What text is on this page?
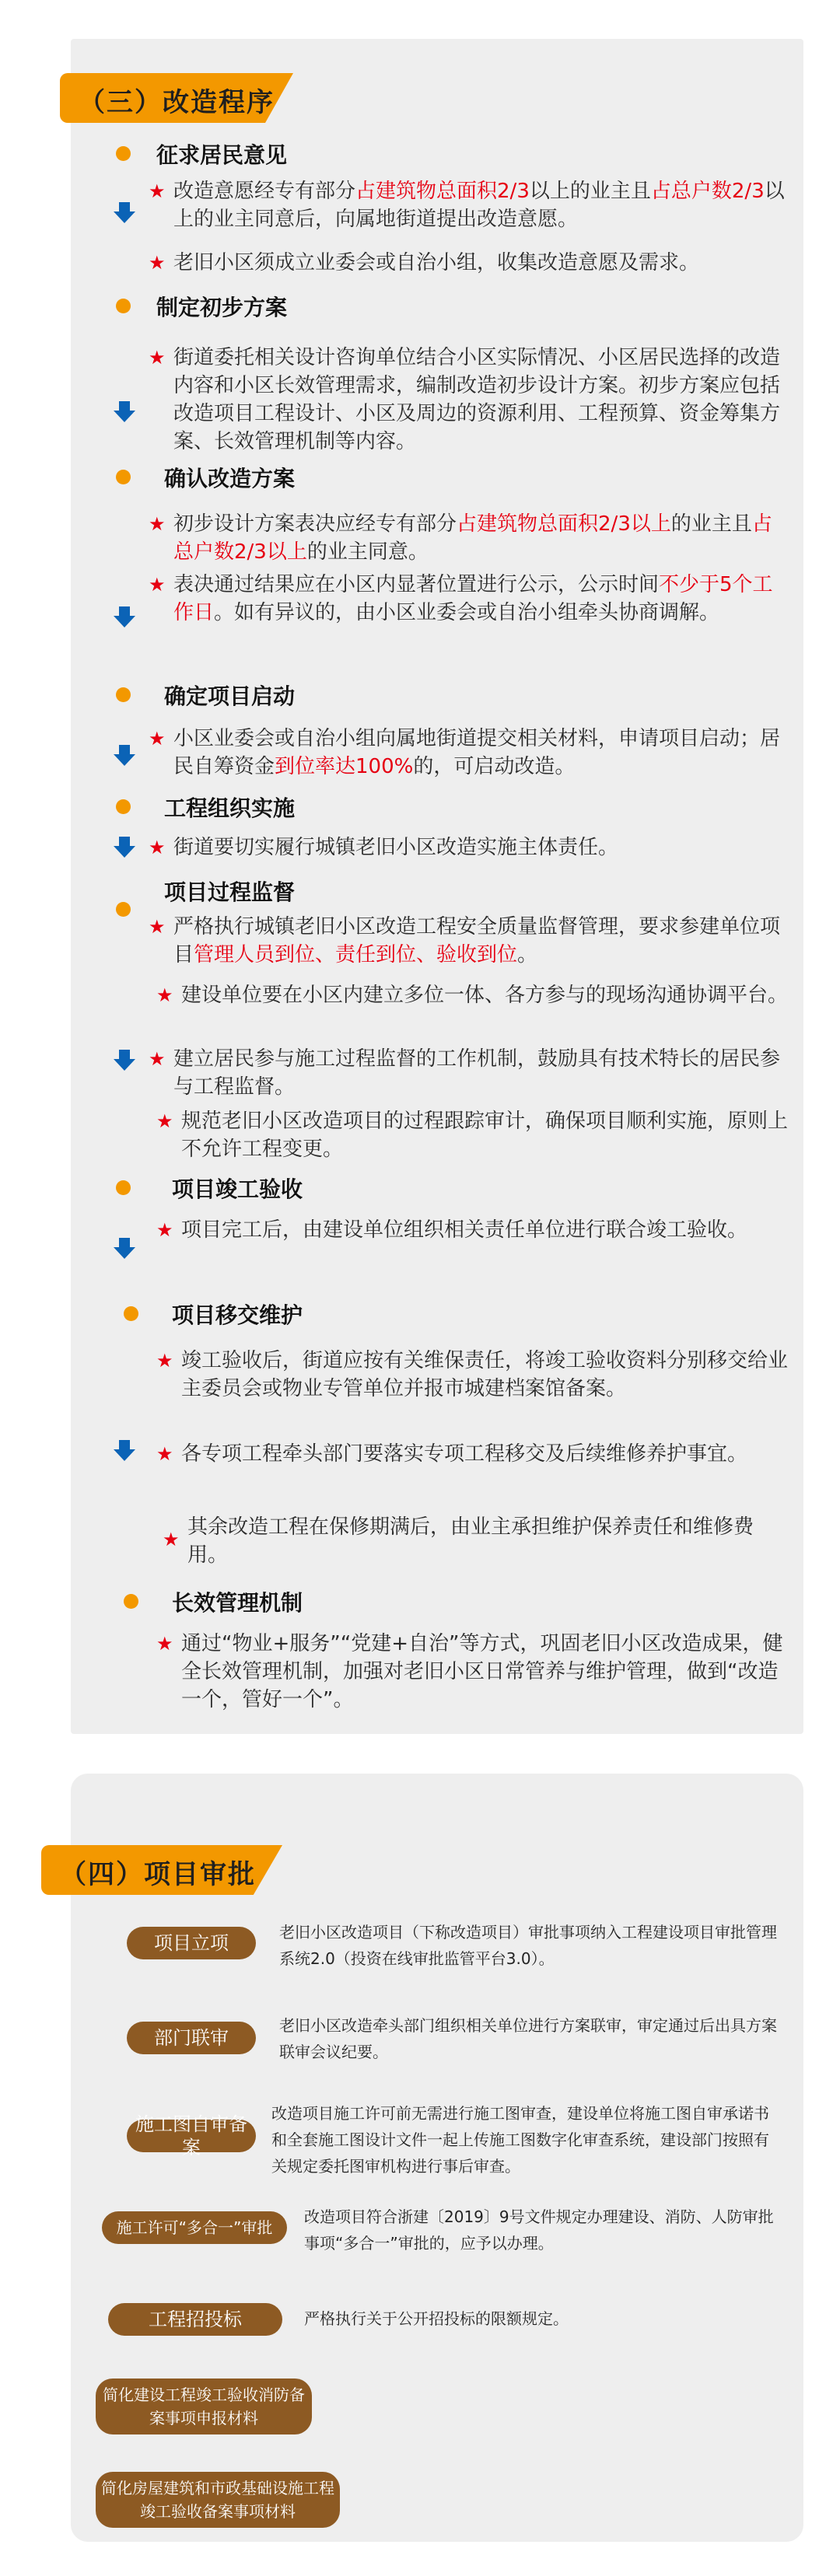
（三）改造程序
征求居民意见
★ 改造意愿经专有部分占建筑物总面积2/3以上的业主且占总户数2/3以上的业主同意后，向属地街道提出改造意愿。
★ 老旧小区须成立业委会或自治小组，收集改造意愿及需求。
制定初步方案
★ 街道委托相关设计咨询单位结合小区实际情况、小区居民选择的改造内容和小区长效管理需求，编制改造初步设计方案。初步方案应包括改造项目工程设计、小区及周边的资源利用、工程预算、资金筹集方案、长效管理机制等内容。
确认改造方案
★ 初步设计方案表决应经专有部分占建筑物总面积2/3以上的业主且占总户数2/3以上的业主同意。
★ 表决通过结果应在小区内显著位置进行公示，公示时间不少于5个工作日。如有异议的，由小区业委会或自治小组牵头协商调解。
确定项目启动
★ 小区业委会或自治小组向属地街道提交相关材料，申请项目启动；居民自筹资金到位率达100%的，可启动改造。
工程组织实施
★ 街道要切实履行城镇老旧小区改造实施主体责任。
项目过程监督
★ 严格执行城镇老旧小区改造工程安全质量监督管理，要求参建单位项目管理人员到位、责任到位、验收到位。
★ 建设单位要在小区内建立多位一体、各方参与的现场沟通协调平台。
★ 建立居民参与施工过程监督的工作机制，鼓励具有技术特长的居民参与工程监督。
★ 规范老旧小区改造项目的过程跟踪审计，确保项目顺利实施，原则上不允许工程变更。
项目竣工验收
★ 项目完工后，由建设单位组织相关责任单位进行联合竣工验收。
项目移交维护
★ 竣工验收后，街道应按有关维保责任，将竣工验收资料分别移交给业主委员会或物业专管单位并报市城建档案馆备案。
★ 各专项工程牵头部门要落实专项工程移交及后续维修养护事宜。
★
其余改造工程在保修期满后，由业主承担维护保养责任和维修费用。
长效管理机制
★ 通过“物业+服务”“党建+自治”等方式，巩固老旧小区改造成果，健全长效管理机制，加强对老旧小区日常管养与维护管理，做到“改造一个，管好一个”。
（四）项目审批
项目立项	老旧小区改造项目（下称改造项目）审批事项纳入工程建设项目审批管理系统2.0（投资在线审批监管平台3.0）。
部门联审
老旧小区改造牵头部门组织相关单位进行方案联审，审定通过后出具方案联审会议纪要。
施工图自审备案
改造项目施工许可前无需进行施工图审查，建设单位将施工图自审承诺书和全套施工图设计文件一起上传施工图数字化审查系统，建设部门按照有关规定委托图审机构进行事后审查。
施工许可“多合一”审批
改造项目符合浙建〔2019〕9号文件规定办理建设、消防、人防审批事项“多合一”审批的，应予以办理。
工程招投标	严格执行关于公开招投标的限额规定。
简化建设工程竣工验收消防备案事项申报材料
简化房屋建筑和市政基础设施工程竣工验收备案事项材料
